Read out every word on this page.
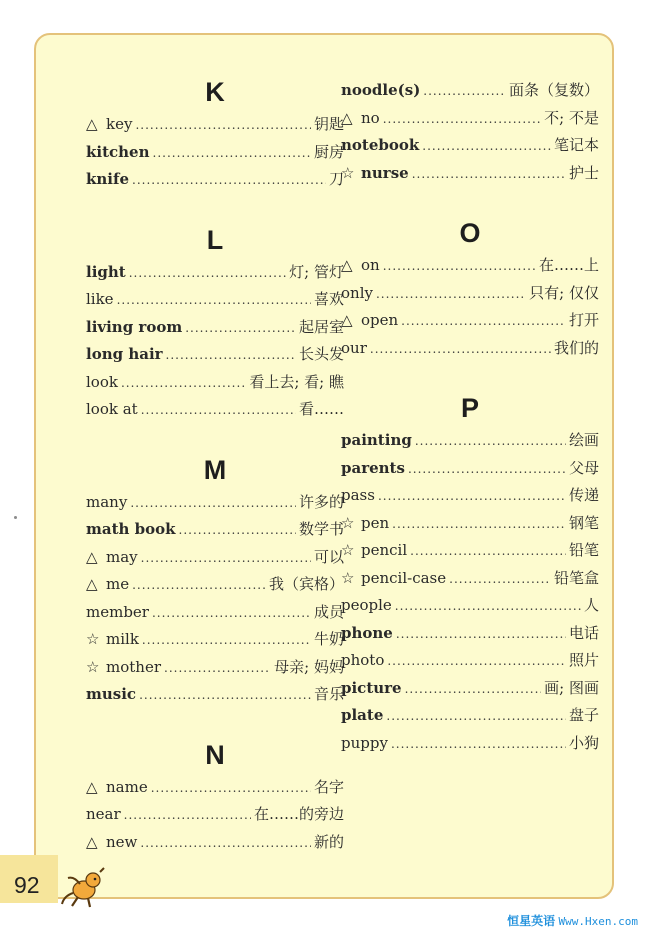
K
△ key .....	钥匙
kitchen .....	厨房
knife .....	刀
L
light .....	灯; 管灯
like .....	喜欢
living room .....	起居室
long hair .....	长头发
look .....	看上去; 看; 瞧
look at .....	看……
M
many .....	许多的
math book .....	数学书
△ may .....	可以
△ me .....	我（宾格）
member .....	成员
☆ milk .....	牛奶
☆ mother .....	母亲; 妈妈
music .....	音乐
N
△ name .....	名字
near .....	在……的旁边
△ new .....	新的
noodle(s) .....	面条（复数）
△ no .....	不; 不是
notebook .....	笔记本
☆ nurse .....	护士
O
△ on .....	在……上
only .....	只有; 仅仅
△ open .....	打开
our .....	我们的
P
painting .....	绘画
parents .....	父母
pass .....	传递
☆ pen .....	钢笔
☆ pencil .....	铅笔
☆ pencil-case .....	铅笔盒
people .....	人
phone .....	电话
photo .....	照片
picture .....	画; 图画
plate .....	盘子
puppy .....	小狗
92
恒星英语 Www.Hxen.com
